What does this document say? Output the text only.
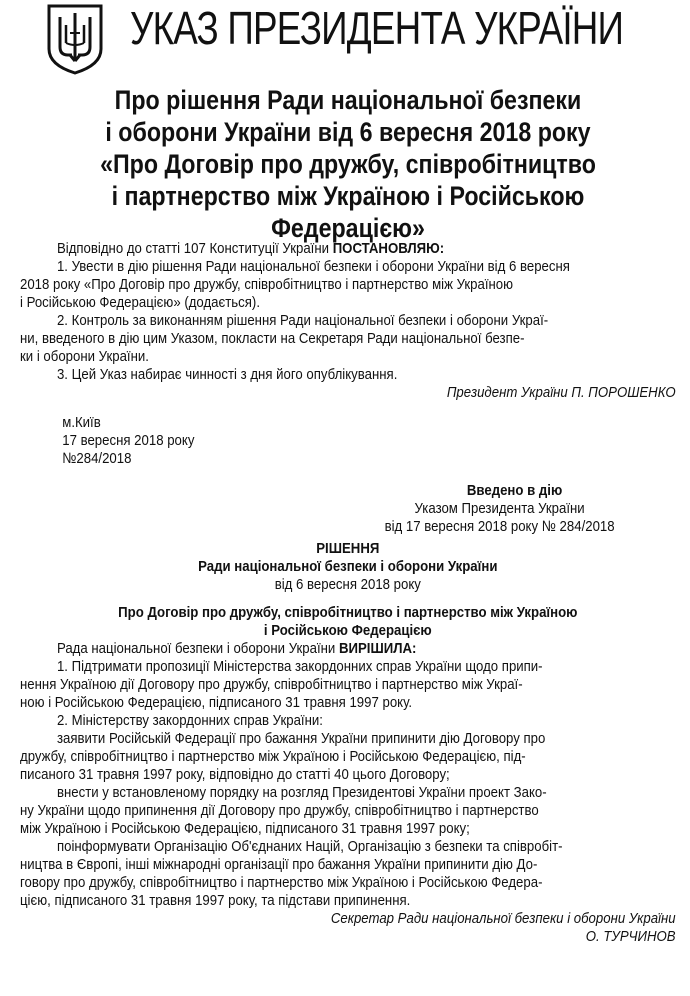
УКАЗ ПРЕЗИДЕНТА УКРАЇНИ
Про рішення Ради національної безпеки
і оборони України від 6 вересня 2018 року
«Про Договір про дружбу, співробітництво
і партнерство між Україною і Російською
Федерацією»

Відповідно до статті 107 Конституції України ПОСТАНОВЛЯЮ:

1. Увести в дію рішення Ради національної безпеки і оборони України від 6 вересня
2018 року «Про Договір про дружбу, співробітництво і партнерство між Україною
і Російською Федерацією» (додається).

2. Контроль за виконанням рішення Ради національної безпеки і оборони Украї-
ни, введеного в дію цим Указом, покласти на Секретаря Ради національної безпе-
ки і оборони України.

3. Цей Указ набирає чинності з дня його опублікування.

Президент України П. ПОРОШЕНКО

м.Київ

17 вересня 2018 року

№284/2018

Введено в дію
Указом Президента України
від 17 вересня 2018 року № 284/2018

РІШЕННЯ

Ради національної безпеки і оборони України

від 6 вересня 2018 року

Про Договір про дружбу, співробітництво і партнерство між Україною

і Російською Федерацією

Рада національної безпеки і оборони України ВИРІШИЛА:

1. Підтримати пропозиції Міністерства закордонних справ України щодо припи-
нення Україною дії Договору про дружбу, співробітництво і партнерство між Украї-
ною і Російською Федерацією, підписаного 31 травня 1997 року.

2. Міністерству закордонних справ України:

заявити Російській Федерації про бажання України припинити дію Договору про
дружбу, співробітництво і партнерство між Україною і Російською Федерацією, під-
писаного 31 травня 1997 року, відповідно до статті 40 цього Договору;

внести у встановленому порядку на розгляд Президентові України проект Зако-
ну України щодо припинення дії Договору про дружбу, співробітництво і партнерство
між Україною і Російською Федерацією, підписаного 31 травня 1997 року;

поінформувати Організацію Об'єднаних Націй, Організацію з безпеки та співробіт-
ництва в Європі, інші міжнародні організації про бажання України припинити дію До-
говору про дружбу, співробітництво і партнерство між Україною і Російською Федера-
цією, підписаного 31 травня 1997 року, та підстави припинення.

Секретар Ради національної безпеки і оборони України

О. ТУРЧИНОВ
